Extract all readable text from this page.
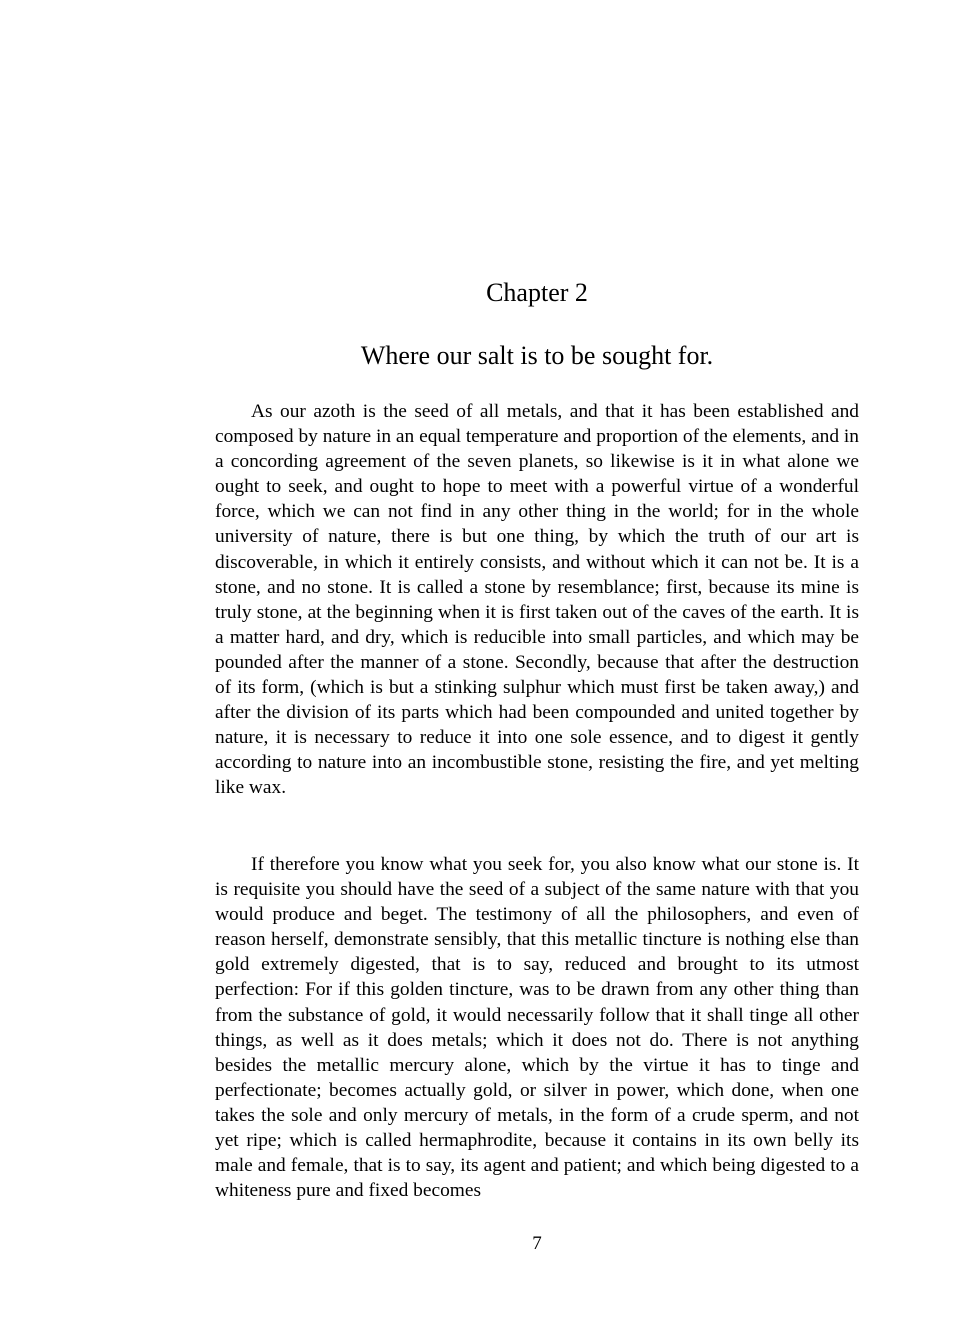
Chapter 2
Where our salt is to be sought for.

As our azoth is the seed of all metals, and that it has been established and composed by nature in an equal temperature and proportion of the elements, and in a concording agreement of the seven planets, so likewise is it in what alone we ought to seek, and ought to hope to meet with a powerful virtue of a wonderful force, which we can not find in any other thing in the world; for in the whole university of nature, there is but one thing, by which the truth of our art is discoverable, in which it entirely consists, and without which it can not be. It is a stone, and no stone. It is called a stone by resemblance; first, because its mine is truly stone, at the beginning when it is first taken out of the caves of the earth. It is a matter hard, and dry, which is reducible into small particles, and which may be pounded after the manner of a stone. Secondly, because that after the destruction of its form, (which is but a stinking sulphur which must first be taken away,) and after the division of its parts which had been compounded and united together by nature, it is necessary to reduce it into one sole essence, and to digest it gently according to nature into an incombustible stone, resisting the fire, and yet melting like wax.

If therefore you know what you seek for, you also know what our stone is. It is requisite you should have the seed of a subject of the same nature with that you would produce and beget. The testimony of all the philosophers, and even of reason herself, demonstrate sensibly, that this metallic tincture is nothing else than gold extremely digested, that is to say, reduced and brought to its utmost perfection: For if this golden tincture, was to be drawn from any other thing than from the substance of gold, it would necessarily follow that it shall tinge all other things, as well as it does metals; which it does not do. There is not anything besides the metallic mercury alone, which by the virtue it has to tinge and perfectionate; becomes actually gold, or silver in power, which done, when one takes the sole and only mercury of metals, in the form of a crude sperm, and not yet ripe; which is called hermaphrodite, because it contains in its own belly its male and female, that is to say, its agent and patient; and which being digested to a whiteness pure and fixed becomes

7
